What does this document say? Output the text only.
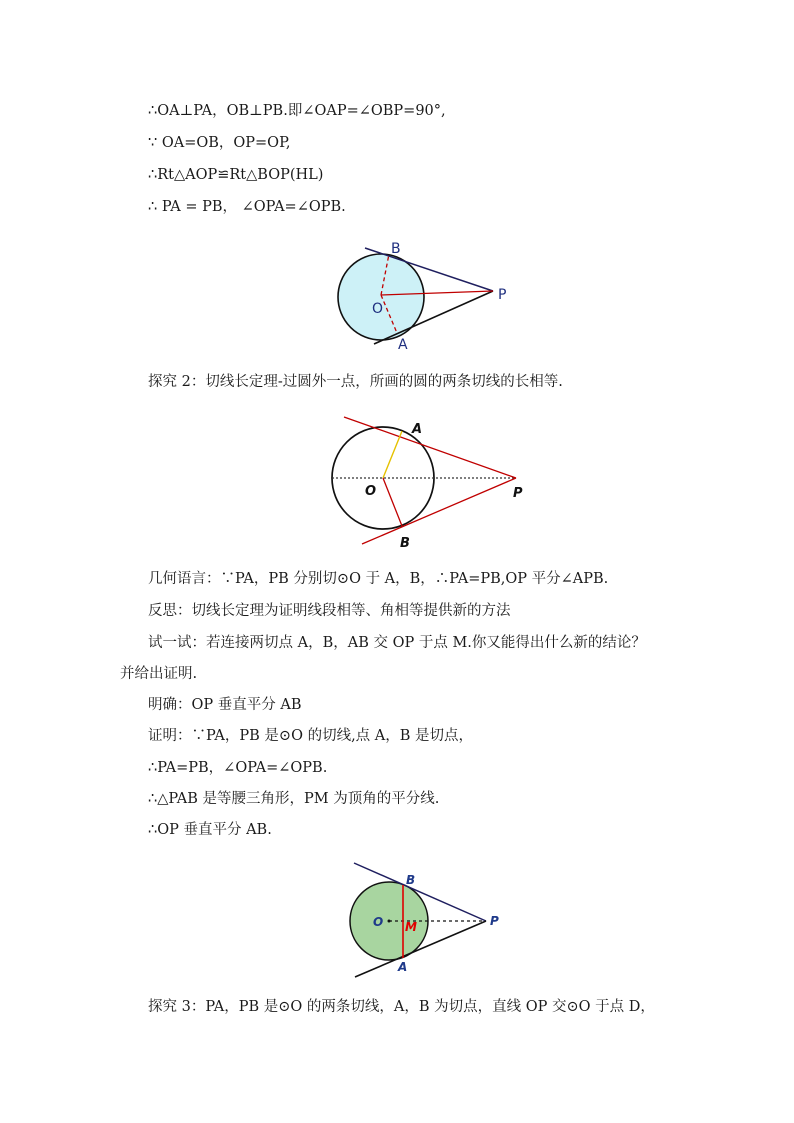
∴OA⊥PA，OB⊥PB.即∠OAP=∠OBP=90°,
∵ OA=OB，OP=OP,
∴Rt△AOP≌Rt△BOP(HL)
∴ PA = PB， ∠OPA=∠OPB.
B
O
P
A
探究 2：切线长定理-过圆外一点，所画的圆的两条切线的长相等.
A
O	P
B
几何语言：∵PA，PB 分别切⊙O 于 A，B，∴PA=PB,OP 平分∠APB.
反思：切线长定理为证明线段相等、角相等提供新的方法
试一试：若连接两切点 A，B，AB 交 OP 于点 M.你又能得出什么新的结论？
并给出证明.
明确：OP 垂直平分 AB
证明：∵PA，PB 是⊙O 的切线,点 A，B 是切点，
∴PA=PB，∠OPA=∠OPB.
∴△PAB 是等腰三角形，PM 为顶角的平分线.
∴OP 垂直平分 AB.
B
O M	P
A
探究 3：PA，PB 是⊙O 的两条切线，A，B 为切点，直线 OP 交⊙O 于点 D，
